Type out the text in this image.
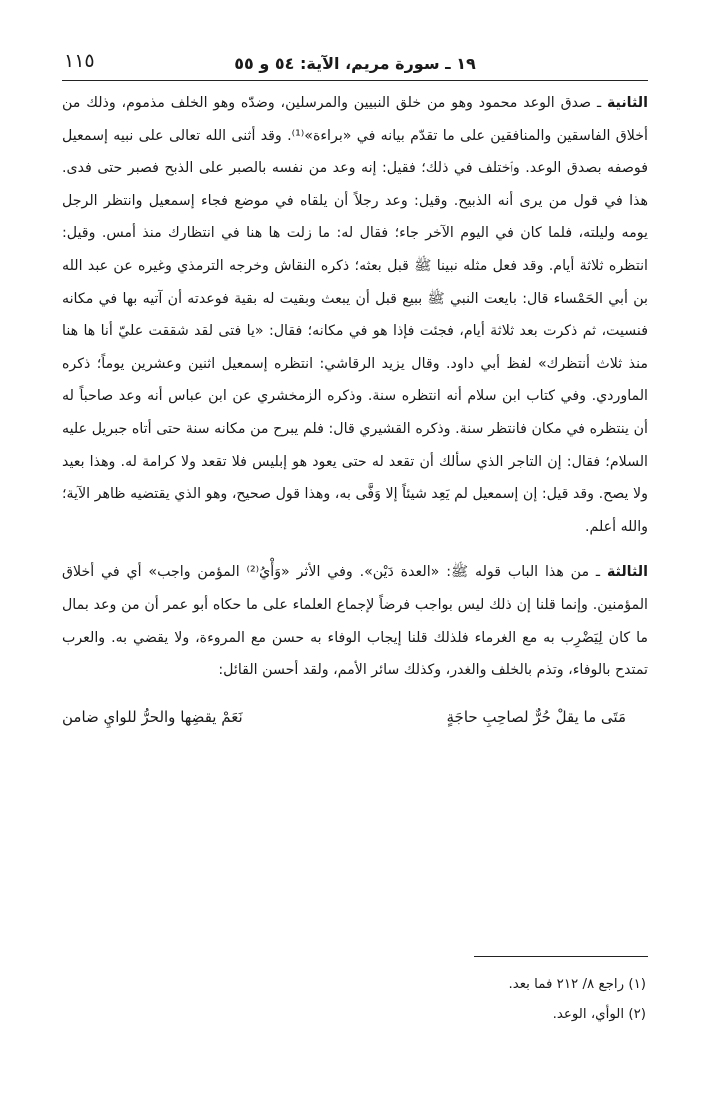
١٩ ـ سورة مريم، الآية: ٥٤ و ٥٥
١١٥

الثانية ـ صدق الوعد محمود وهو من خلق النبيين والمرسلين، وضدّه وهو الخلف مذموم، وذلك من أخلاق الفاسقين والمنافقين على ما تقدّم بيانه في «براءة»⁽¹⁾. وقد أثنى الله تعالى على نبيه إسمعيل فوصفه بصدق الوعد. وٱختلف في ذلك؛ فقيل: إنه وعد من نفسه بالصبر على الذبح فصبر حتى فدى. هذا في قول من يرى أنه الذبيح. وقيل: وعد رجلاً أن يلقاه في موضع فجاء إسمعيل وانتظر الرجل يومه وليلته، فلما كان في اليوم الآخر جاء؛ فقال له: ما زلت ها هنا في انتظارك منذ أمس. وقيل: انتظره ثلاثة أيام. وقد فعل مثله نبينا ﷺ قبل بعثه؛ ذكره النقاش وخرجه الترمذي وغيره عن عبد الله بن أبي الحَمْساء قال: بايعت النبي ﷺ ببيع قبل أن يبعث وبقيت له بقية فوعدته أن آتيه بها في مكانه فنسيت، ثم ذكرت بعد ثلاثة أيام، فجئت فإذا هو في مكانه؛ فقال: «يا فتى لقد شققت عليّ أنا ها هنا منذ ثلاث أنتظرك» لفظ أبي داود. وقال يزيد الرقاشي: انتظره إسمعيل اثنين وعشرين يوماً؛ ذكره الماوردي. وفي كتاب ابن سلام أنه انتظره سنة. وذكره الزمخشري عن ابن عباس أنه وعد صاحباً له أن ينتظره في مكان فانتظر سنة. وذكره القشيري قال: فلم يبرح من مكانه سنة حتى أتاه جبريل عليه السلام؛ فقال: إن التاجر الذي سألك أن تقعد له حتى يعود هو إبليس فلا تقعد ولا كرامة له. وهذا بعيد ولا يصح. وقد قيل: إن إسمعيل لم يَعِد شيئاً إلا وَفَّى به، وهذا قول صحيح، وهو الذي يقتضيه ظاهر الآية؛ والله أعلم.

الثالثة ـ من هذا الباب قوله ﷺ: «العدة دَيْن». وفي الأثر «وَأْيُ⁽²⁾ المؤمن واجب» أي في أخلاق المؤمنين. وإنما قلنا إن ذلك ليس بواجب فرضاً لإجماع العلماء على ما حكاه أبو عمر أن من وعد بمال ما كان لِيَضْرِب به مع الغرماء فلذلك قلنا إيجاب الوفاء به حسن مع المروءة، ولا يقضي به. والعرب تمتدح بالوفاء، وتذم بالخلف والغدر، وكذلك سائر الأمم، ولقد أحسن القائل:

مَتَى ما يقلْ حُرٌّ لصاحِبِ حاجَةٍ
نَعَمْ يقضِها والحرُّ للوايِ ضامن

(١) راجع ٨/ ٢١٢ فما بعد.

(٢) الوأي، الوعد.
